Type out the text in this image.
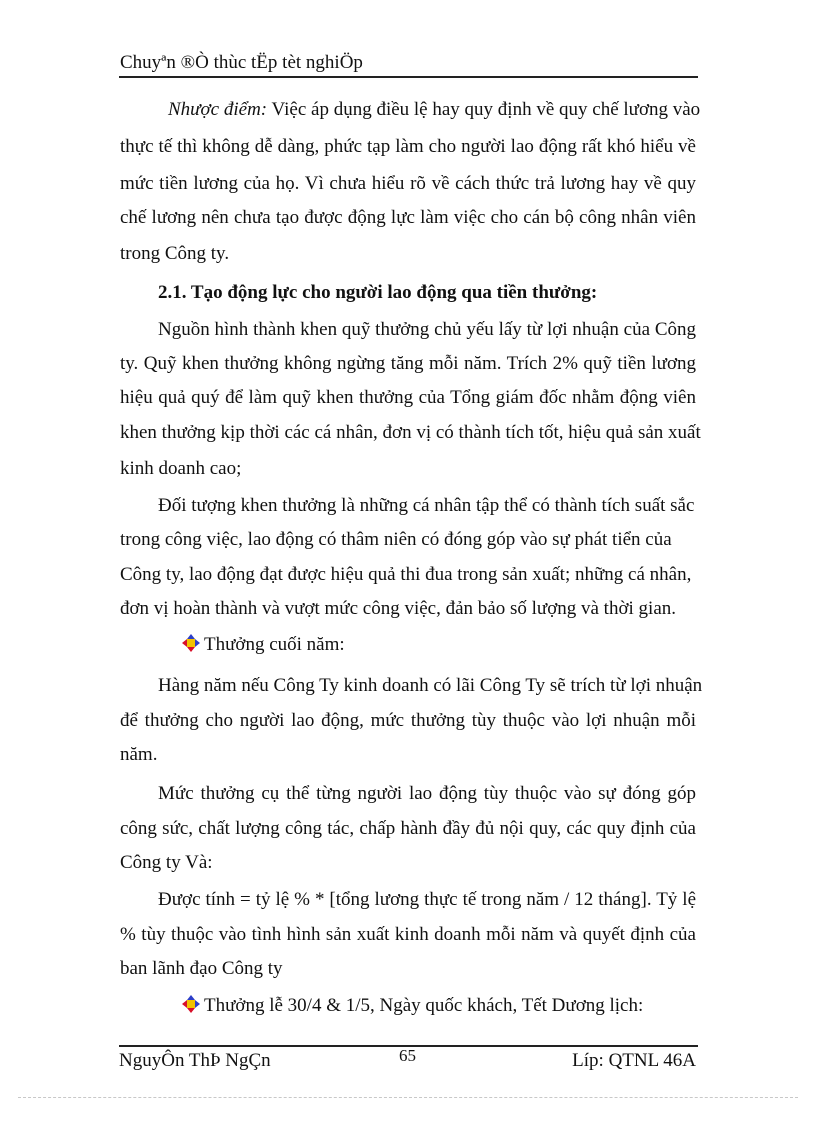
Chuyªn ®Ò thùc tËp tèt nghiÖp
Nhược điểm: Việc áp dụng điều lệ hay quy định về quy chế lương vào
thực tế thì không dễ dàng, phức tạp làm cho người lao động rất khó hiểu về
mức tiền lương của họ. Vì chưa hiểu rõ về cách thức trả lương hay về quy
chế lương nên chưa tạo được động lực làm việc cho cán bộ công nhân viên
trong Công ty.
2.1. Tạo động lực cho người lao động qua tiền thưởng:
Nguồn hình thành khen quỹ thưởng chủ yếu lấy từ lợi nhuận của Công
ty. Quỹ khen thưởng không ngừng tăng mỗi năm. Trích 2% quỹ tiền lương
hiệu quả quý để làm quỹ khen thưởng của Tổng giám đốc nhằm động viên
khen thưởng kịp thời các cá nhân, đơn vị có thành tích tốt, hiệu quả sản xuất
kinh doanh cao;
Đối tượng khen thưởng là những cá nhân tập thể có thành tích suất sắc
trong công việc, lao động có thâm niên có đóng góp vào sự phát tiển của
Công ty, lao động đạt được hiệu quả thi đua trong sản xuất; những cá nhân,
đơn vị hoàn thành và vượt mức công việc, đản bảo số lượng và thời gian.
Thưởng cuối năm:
Hàng năm nếu Công Ty kinh doanh có lãi Công Ty sẽ trích từ lợi nhuận
để thưởng cho người lao động, mức thưởng tùy thuộc vào lợi nhuận mỗi
năm.
Mức thưởng cụ thể từng người lao động tùy thuộc vào sự đóng góp
công sức, chất lượng công tác, chấp hành đầy đủ nội quy, các quy định của
Công ty Và:
Được tính = tỷ lệ % * [tổng lương thực tế trong năm / 12 tháng]. Tỷ lệ
% tùy thuộc vào tình hình sản xuất kinh doanh mỗi năm và quyết định của
ban lãnh đạo Công ty
Thưởng lễ 30/4 & 1/5, Ngày quốc khách, Tết Dương lịch:
NguyÔn ThÞ NgÇn	65	Líp: QTNL 46A
